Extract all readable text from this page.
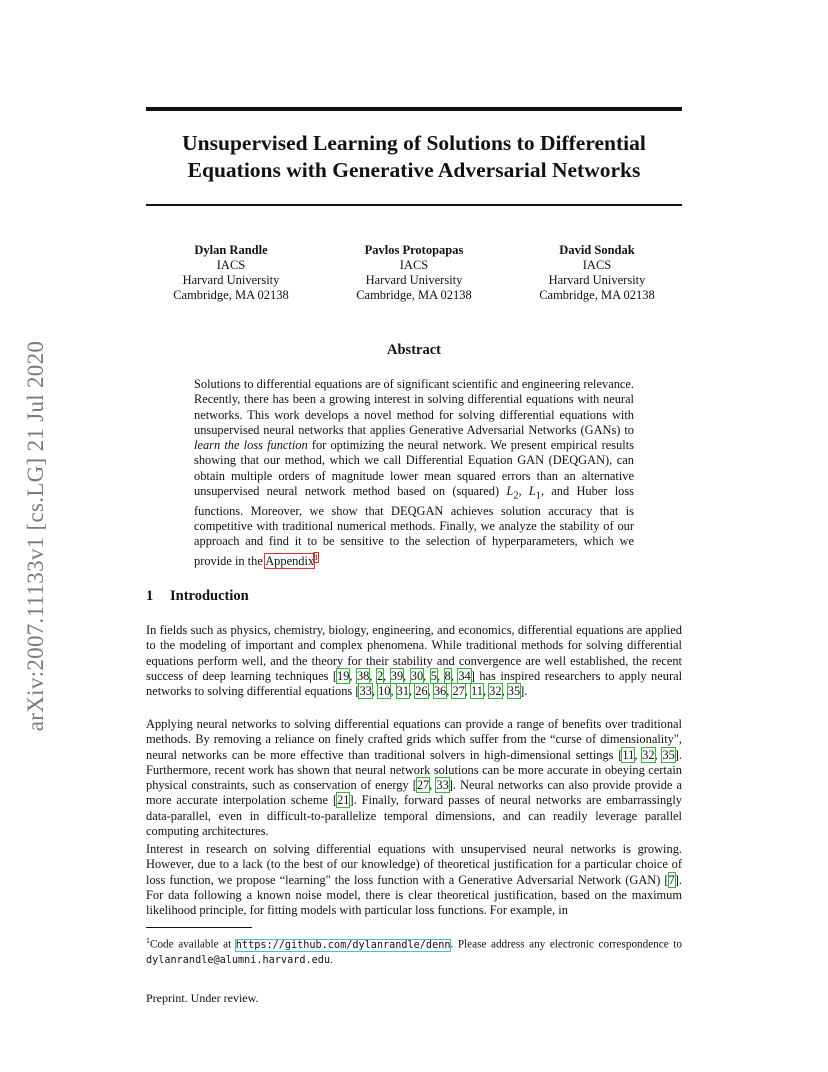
arXiv:2007.11133v1 [cs.LG] 21 Jul 2020
Unsupervised Learning of Solutions to Differential Equations with Generative Adversarial Networks
Dylan Randle
IACS
Harvard University
Cambridge, MA 02138
Pavlos Protopapas
IACS
Harvard University
Cambridge, MA 02138
David Sondak
IACS
Harvard University
Cambridge, MA 02138
Abstract
Solutions to differential equations are of significant scientific and engineering relevance. Recently, there has been a growing interest in solving differential equations with neural networks. This work develops a novel method for solving differential equations with unsupervised neural networks that applies Generative Adversarial Networks (GANs) to learn the loss function for optimizing the neural network. We present empirical results showing that our method, which we call Differential Equation GAN (DEQGAN), can obtain multiple orders of magnitude lower mean squared errors than an alternative unsupervised neural network method based on (squared) $L_2$, $L_1$, and Huber loss functions. Moreover, we show that DEQGAN achieves solution accuracy that is competitive with traditional numerical methods. Finally, we analyze the stability of our approach and find it to be sensitive to the selection of hyperparameters, which we provide in the Appendix$^1$
1 Introduction

In fields such as physics, chemistry, biology, engineering, and economics, differential equations are applied to the modeling of important and complex phenomena. While traditional methods for solving differential equations perform well, and the theory for their stability and convergence are well established, the recent success of deep learning techniques [19, 38, 2, 39, 30, 5, 8, 34] has inspired researchers to apply neural networks to solving differential equations [33, 10, 31, 26, 36, 27, 11, 32, 35].

Applying neural networks to solving differential equations can provide a range of benefits over traditional methods. By removing a reliance on finely crafted grids which suffer from the “curse of dimensionality", neural networks can be more effective than traditional solvers in high-dimensional settings [11, 32, 35]. Furthermore, recent work has shown that neural network solutions can be more accurate in obeying certain physical constraints, such as conservation of energy [27, 33]. Neural networks can also provide provide a more accurate interpolation scheme [21]. Finally, forward passes of neural networks are embarrassingly data-parallel, even in difficult-to-parallelize temporal dimensions, and can readily leverage parallel computing architectures.

Interest in research on solving differential equations with unsupervised neural networks is growing. However, due to a lack (to the best of our knowledge) of theoretical justification for a particular choice of loss function, we propose “learning" the loss function with a Generative Adversarial Network (GAN) [7]. For data following a known noise model, there is clear theoretical justification, based on the maximum likelihood principle, for fitting models with particular loss functions. For example, in

$^1$Code available at https://github.com/dylanrandle/denn. Please address any electronic correspondence to dylanrandle@alumni.harvard.edu.
Preprint. Under review.
